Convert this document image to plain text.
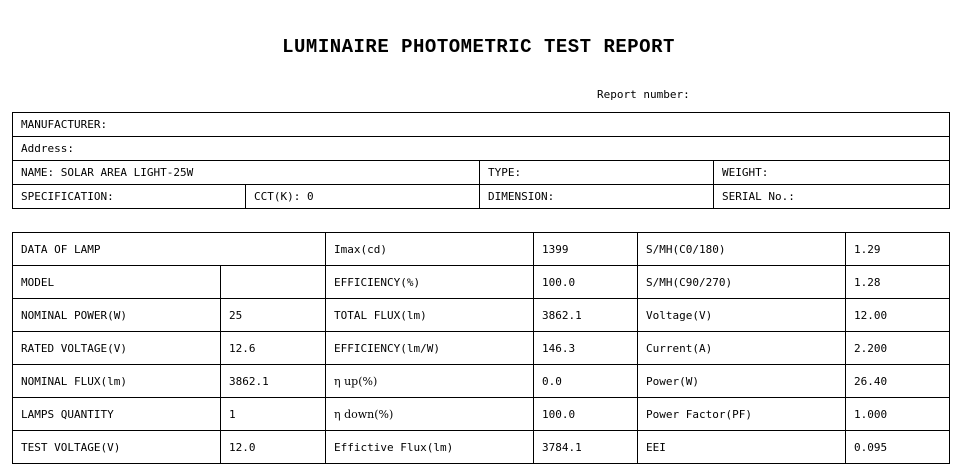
LUMINAIRE PHOTOMETRIC TEST REPORT
Report number:
MANUFACTURER:			
Address:			
NAME: SOLAR AREA LIGHT-25W		TYPE:	WEIGHT:
SPECIFICATION:	CCT(K): 0	DIMENSION:	SERIAL No.:
DATA OF LAMP		Imax(cd)	1399	S/MH(C0/180)	1.29
MODEL		EFFICIENCY(%)	100.0	S/MH(C90/270)	1.28
NOMINAL POWER(W)	25	TOTAL FLUX(lm)	3862.1	Voltage(V)	12.00
RATED VOLTAGE(V)	12.6	EFFICIENCY(lm/W)	146.3	Current(A)	2.200
NOMINAL FLUX(lm)	3862.1	η up(%)	0.0	Power(W)	26.40
LAMPS QUANTITY	1	η down(%)	100.0	Power Factor(PF)	1.000
TEST VOLTAGE(V)	12.0	Effictive Flux(lm)	3784.1	EEI	0.095
